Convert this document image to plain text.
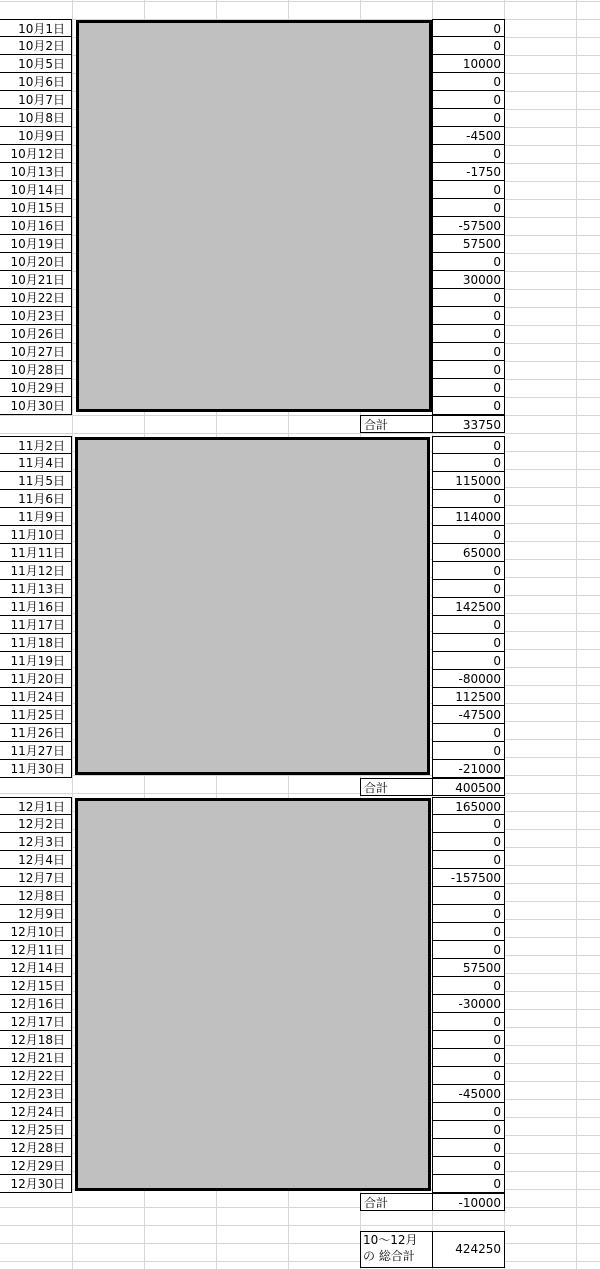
10月1日	0
10月2日	0
10月5日	10000
10月6日	0
10月7日	0
10月8日	0
10月9日	-4500
10月12日	0
10月13日	-1750
10月14日	0
10月15日	0
10月16日	-57500
10月19日	57500
10月20日	0
10月21日	30000
10月22日	0
10月23日	0
10月26日	0
10月27日	0
10月28日	0
10月29日	0
10月30日	0
合計	33750
11月2日	0
11月4日	0
11月5日	115000
11月6日	0
11月9日	114000
11月10日	0
11月11日	65000
11月12日	0
11月13日	0
11月16日	142500
11月17日	0
11月18日	0
11月19日	0
11月20日	-80000
11月24日	112500
11月25日	-47500
11月26日	0
11月27日	0
11月30日	-21000
合計	400500
12月1日	165000
12月2日	0
12月3日	0
12月4日	0
12月7日	-157500
12月8日	0
12月9日	0
12月10日	0
12月11日	0
12月14日	57500
12月15日	0
12月16日	-30000
12月17日	0
12月18日	0
12月21日	0
12月22日	0
12月23日	-45000
12月24日	0
12月25日	0
12月28日	0
12月29日	0
12月30日	0
合計	-10000
10～12月
の 総合計	424250
